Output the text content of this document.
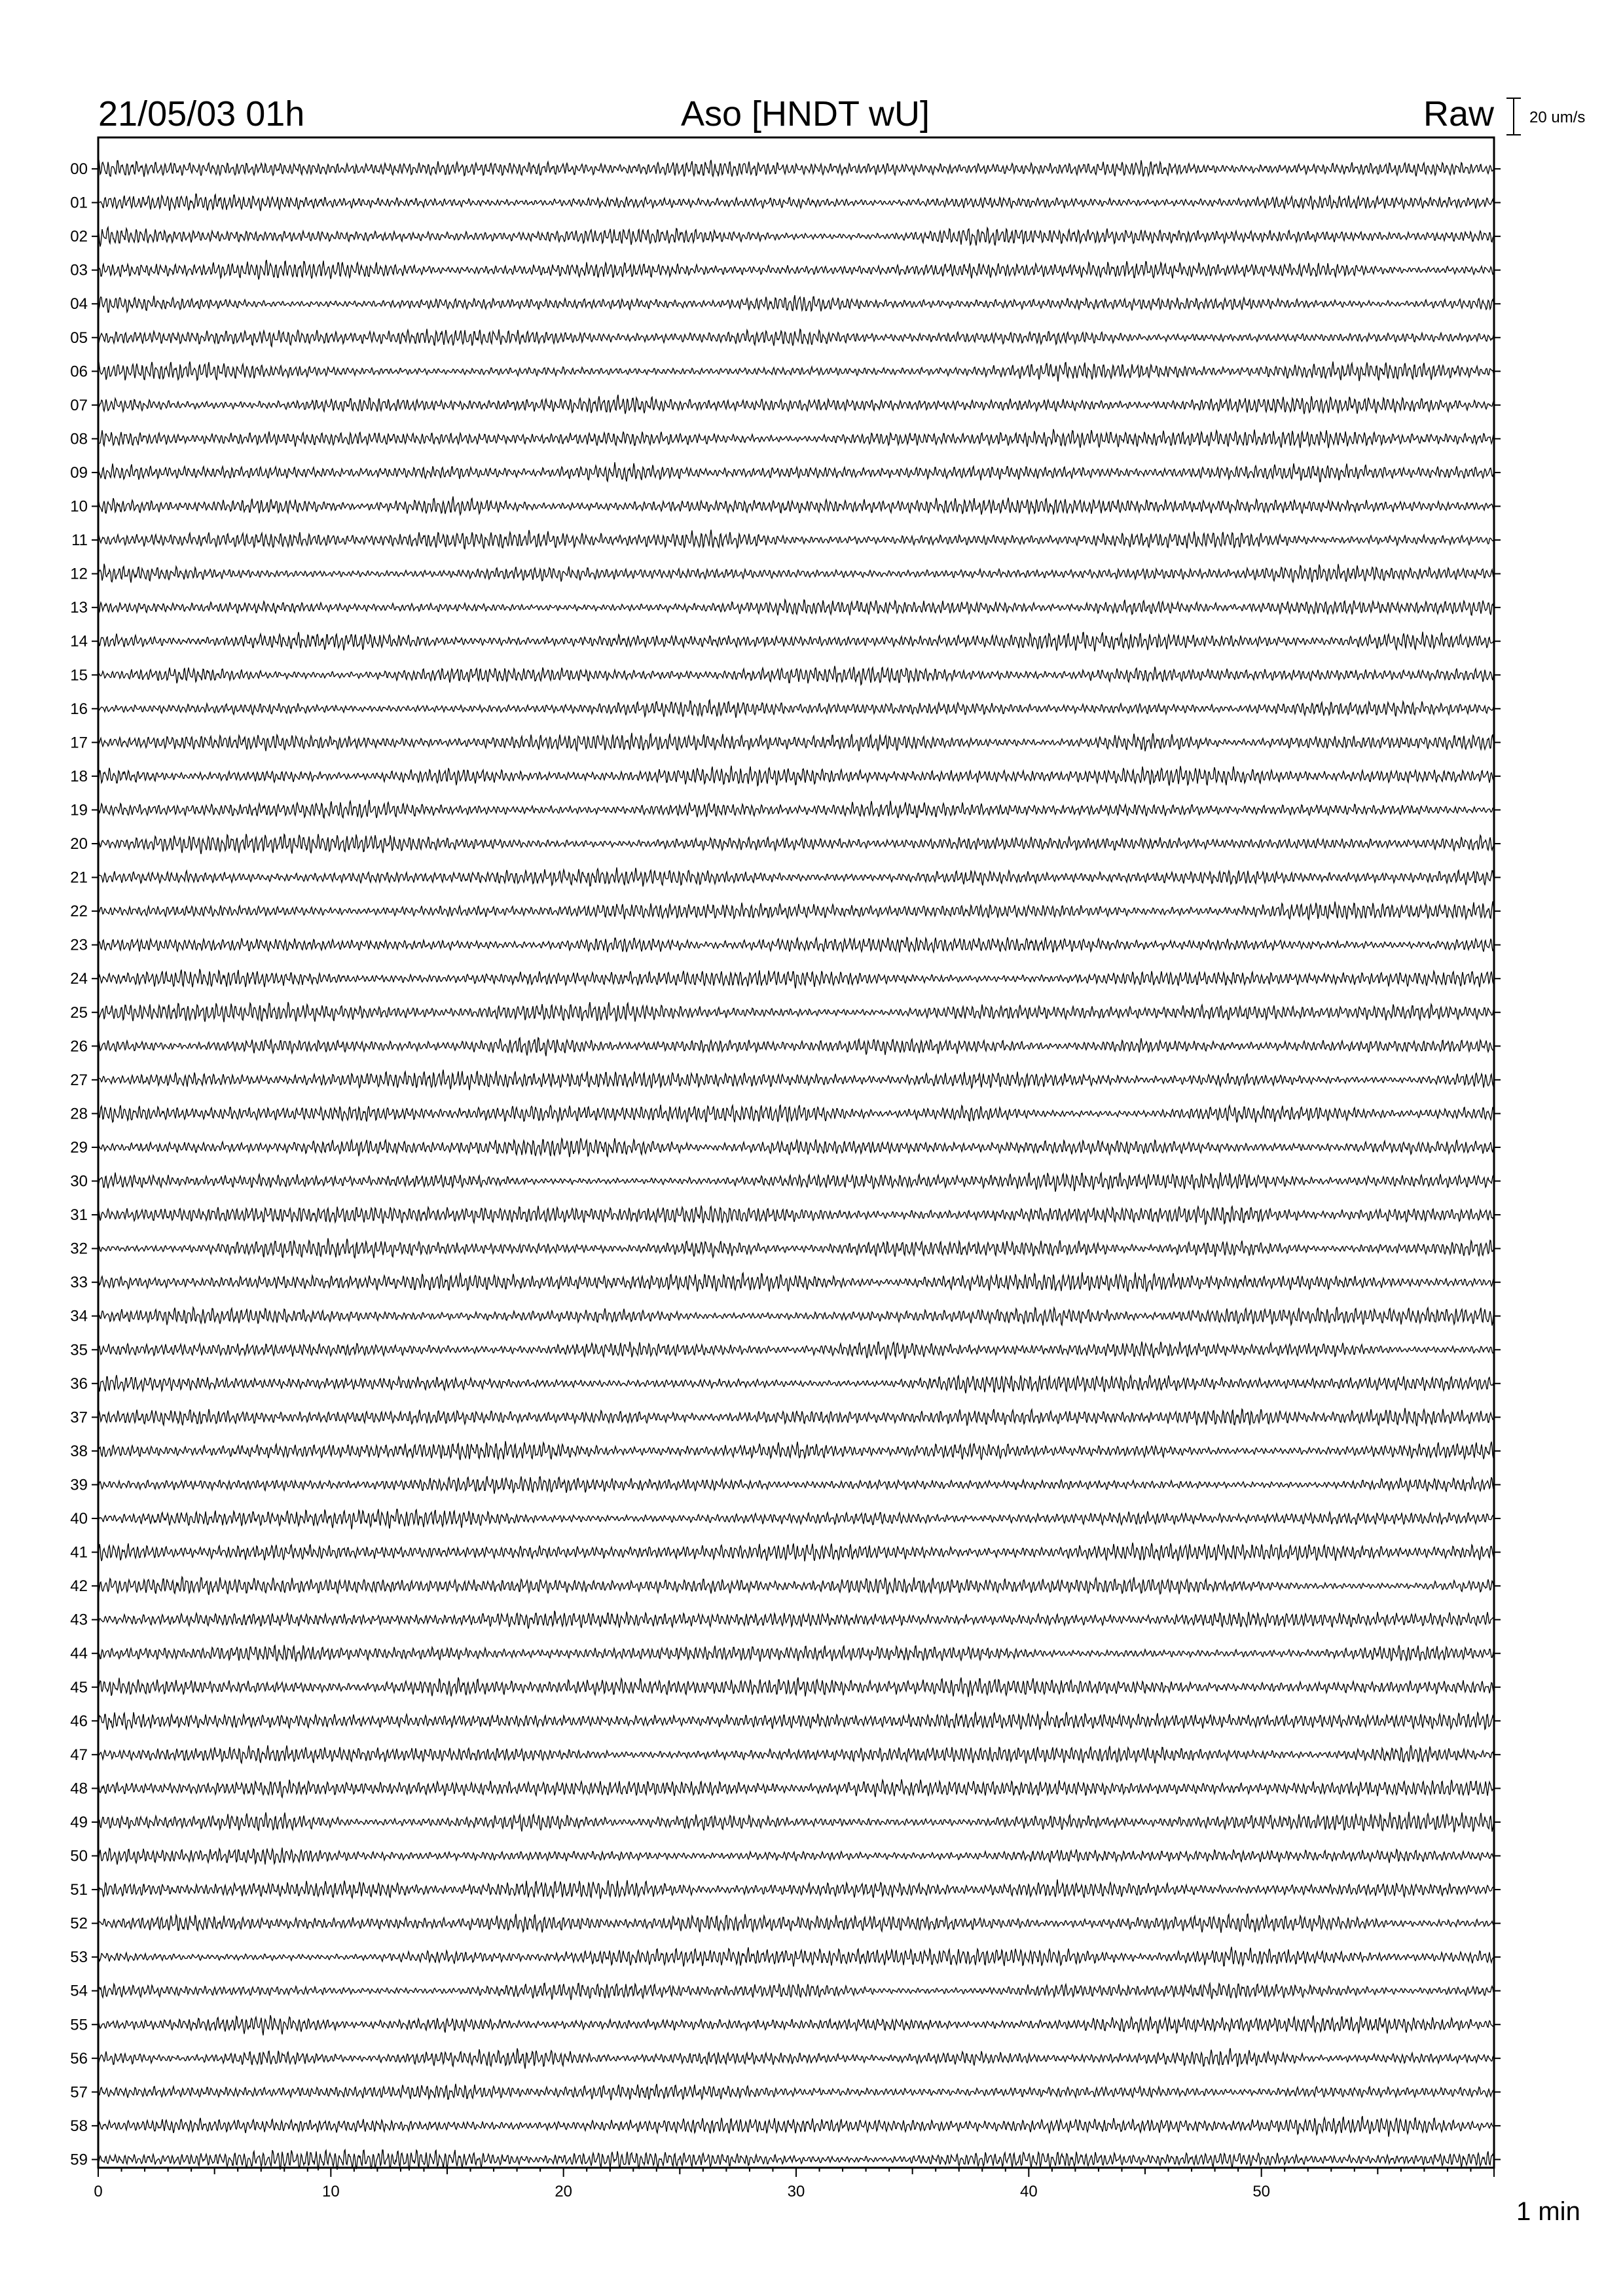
21/05/03 01h	Aso [HNDT wU]	Raw 20 um/s
00
01
02
03
04
05
06
07
08
09
10
11
12
13
14
15
16
17
18
19
20
21
22
23
24
25
26
27
28
29
30
31
32
33
34
35
36
37
38
39
40
41
42
43
44
45
46
47
48
49
50
51
52
53
54
55
56
57
58
59
0	10	20	30	40	50
1 min
